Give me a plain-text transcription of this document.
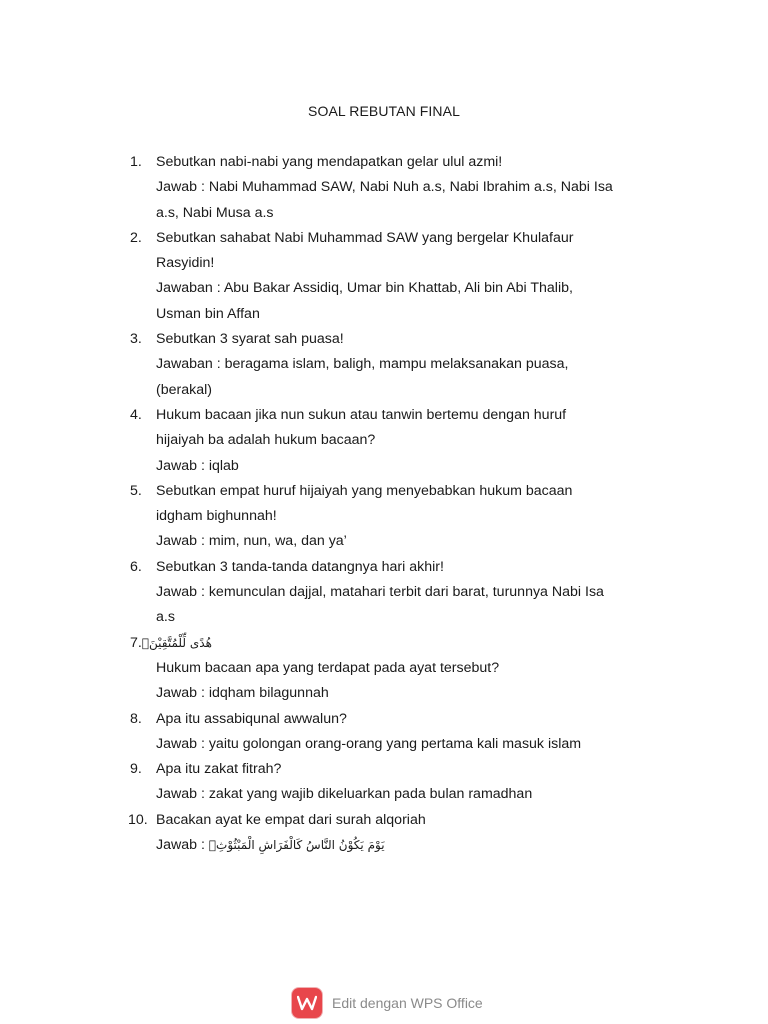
SOAL REBUTAN FINAL
1. Sebutkan nabi-nabi yang mendapatkan gelar ulul azmi!
Jawab : Nabi Muhammad SAW, Nabi Nuh a.s, Nabi Ibrahim a.s, Nabi Isa
a.s, Nabi Musa a.s
2. Sebutkan sahabat Nabi Muhammad SAW yang bergelar Khulafaur
Rasyidin!
Jawaban : Abu Bakar Assidiq, Umar bin Khattab, Ali bin Abi Thalib,
Usman bin Affan
3. Sebutkan 3 syarat sah puasa!
Jawaban : beragama islam, baligh, mampu melaksanakan puasa,
(berakal)
4. Hukum bacaan jika nun sukun atau tanwin bertemu dengan huruf
hijaiyah ba adalah hukum bacaan?
Jawab : iqlab
5. Sebutkan empat huruf hijaiyah yang menyebabkan hukum bacaan
idgham bighunnah!
Jawab : mim, nun, wa, dan ya’
6. Sebutkan 3 tanda-tanda datangnya hari akhir!
Jawab : kemunculan dajjal, matahari terbit dari barat, turunnya Nabi Isa
a.s
7.هُدًى لِّلْمُتَّقِيْنَۙ
Hukum bacaan apa yang terdapat pada ayat tersebut?
Jawab : idqham bilagunnah
8. Apa itu assabiqunal awwalun?
Jawab : yaitu golongan orang-orang yang pertama kali masuk islam
9. Apa itu zakat fitrah?
Jawab : zakat yang wajib dikeluarkan pada bulan ramadhan
10. Bacakan ayat ke empat dari surah alqoriah
Jawab : يَوْمَ يَكُوْنُ النَّاسُ كَالْفَرَاشِ الْمَبْثُوْثِۙ
Edit dengan WPS Office
